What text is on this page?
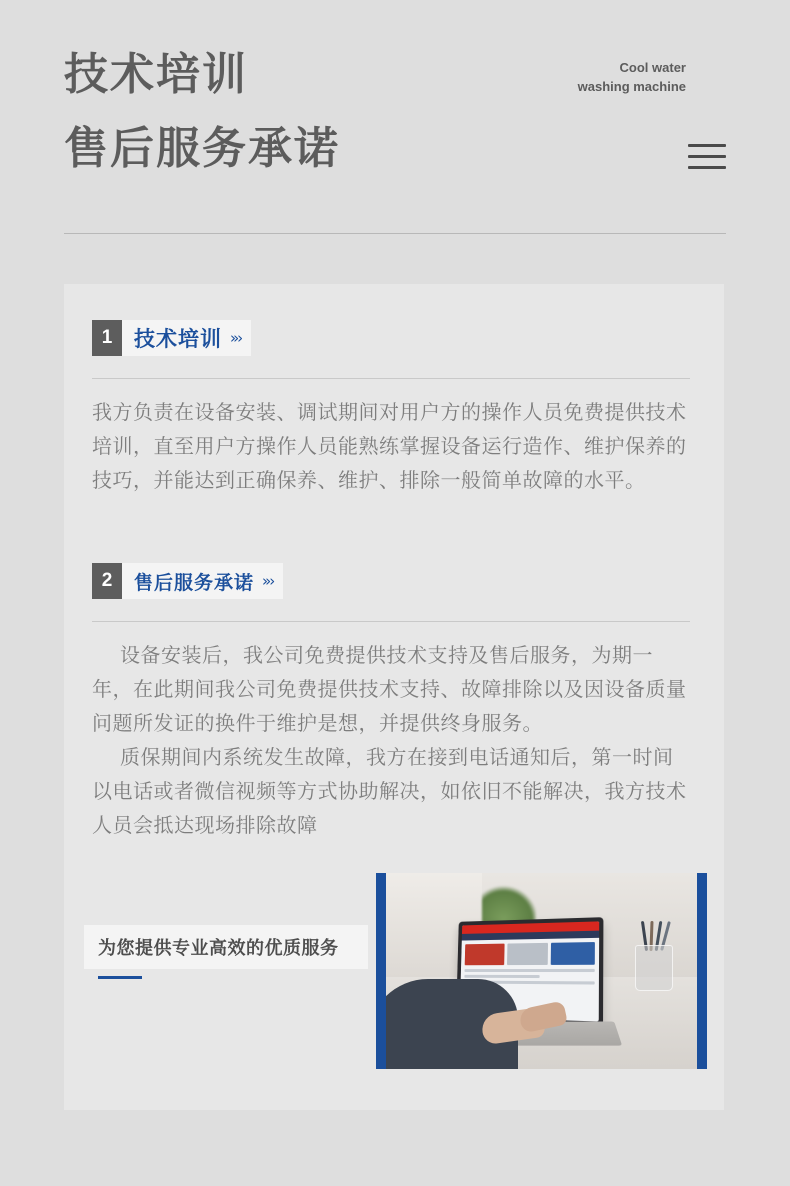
技术培训
售后服务承诺
Cool water
washing machine
1	技术培训 »›

我方负责在设备安装、调试期间对用户方的操作人员免费提供技术培训，直至用户方操作人员能熟练掌握设备运行造作、维护保养的技巧，并能达到正确保养、维护、排除一般简单故障的水平。

2	售后服务承诺 »›

设备安装后，我公司免费提供技术支持及售后服务，为期一年，在此期间我公司免费提供技术支持、故障排除以及因设备质量问题所发证的换件于维护是想，并提供终身服务。

质保期间内系统发生故障，我方在接到电话通知后，第一时间以电话或者微信视频等方式协助解决，如依旧不能解决，我方技术人员会抵达现场排除故障

为您提供专业高效的优质服务
